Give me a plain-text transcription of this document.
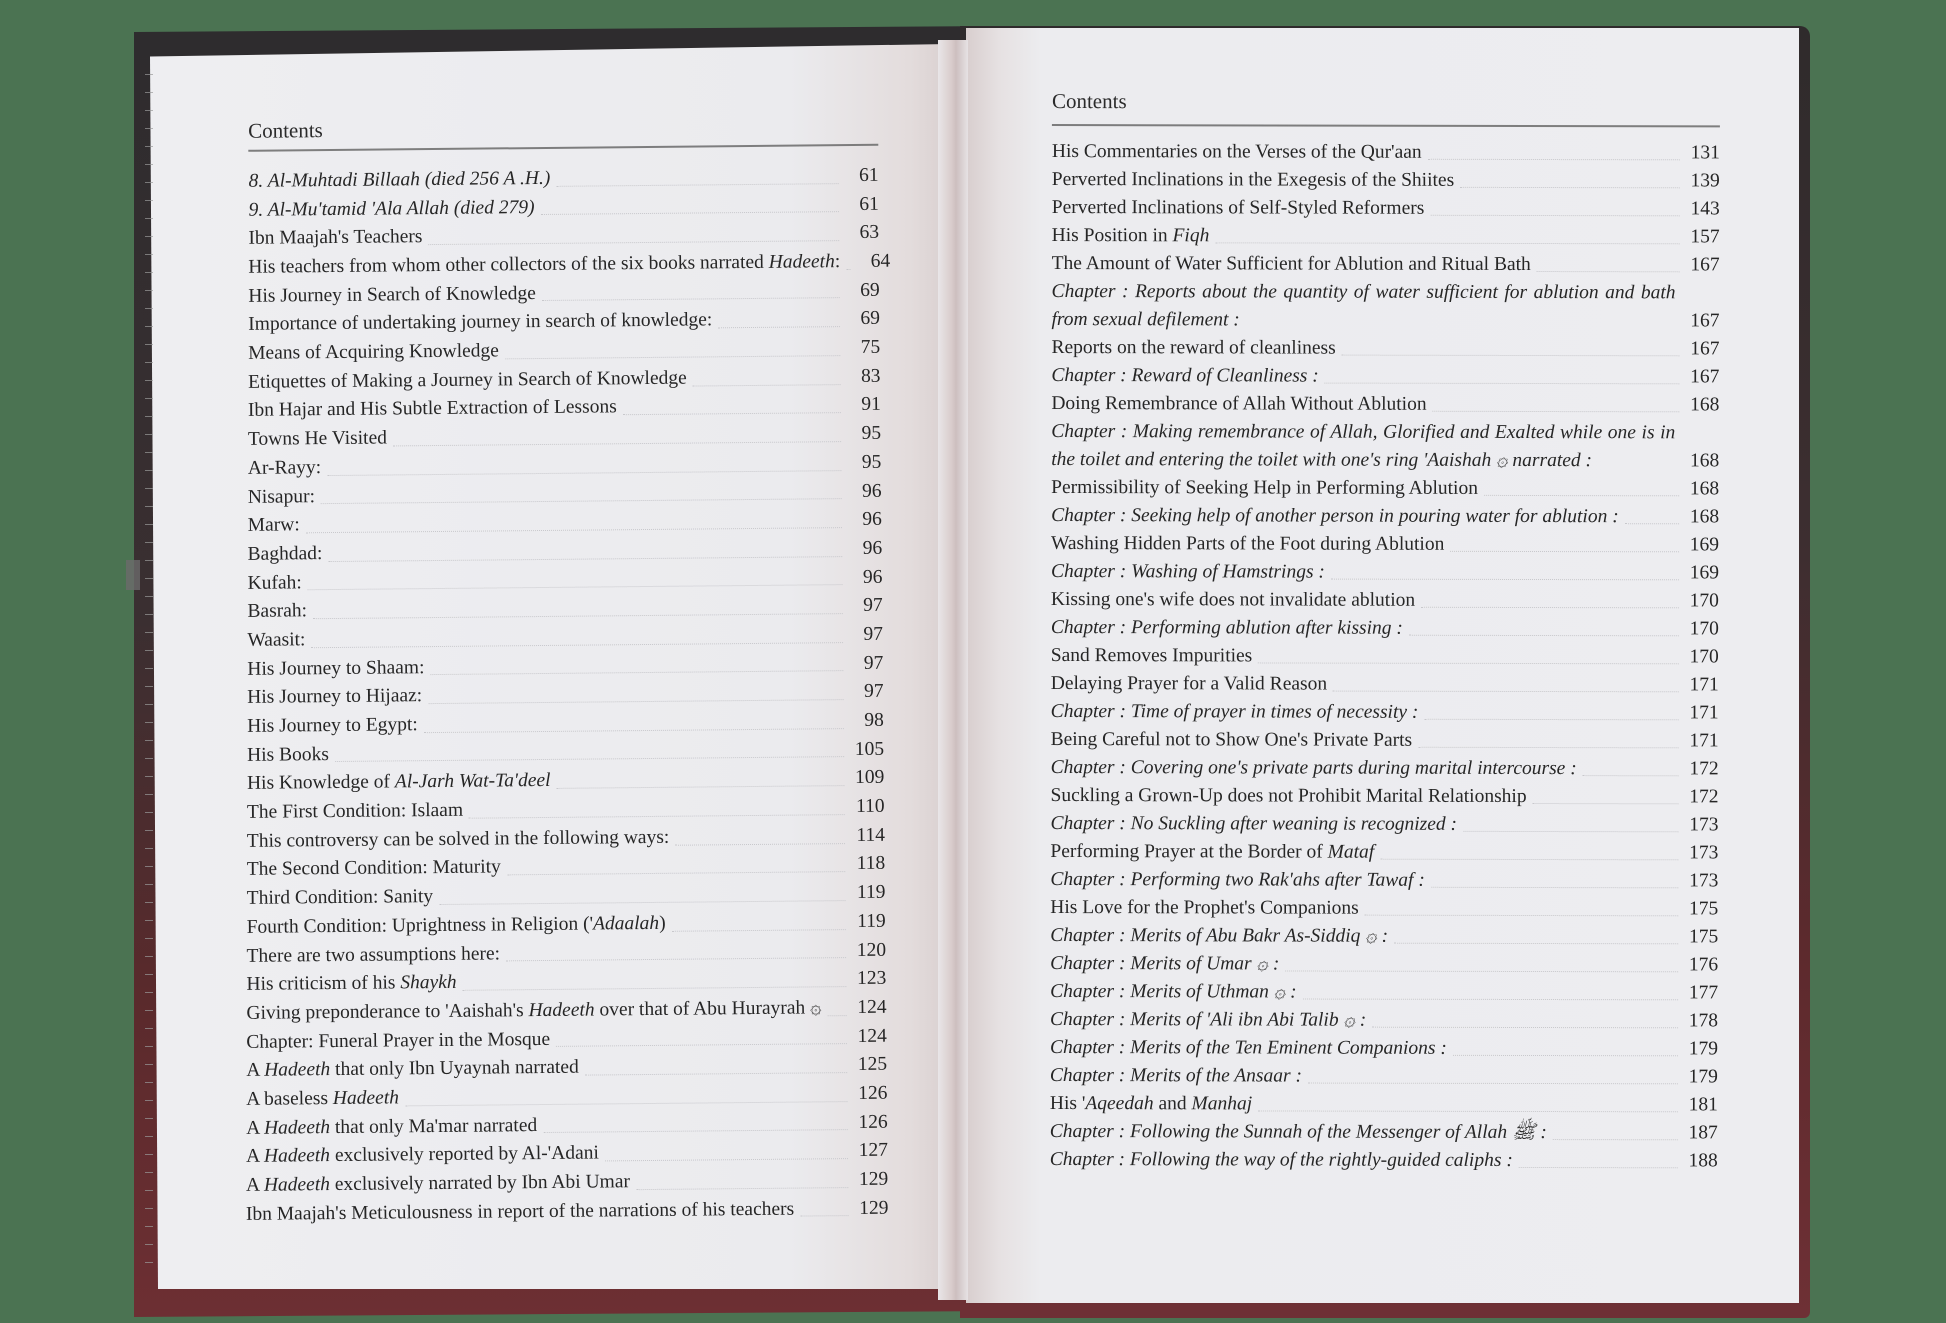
Contents
8. Al-Muhtadi Billaah (died 256 A .H.)	61
9. Al-Mu'tamid 'Ala Allah (died 279)	61
Ibn Maajah's Teachers	63
His teachers from whom other collectors of the six books narrated Hadeeth:	64
His Journey in Search of Knowledge	69
Importance of undertaking journey in search of knowledge:	69
Means of Acquiring Knowledge	75
Etiquettes of Making a Journey in Search of Knowledge	83
Ibn Hajar and His Subtle Extraction of Lessons	91
Towns He Visited	95
Ar-Rayy:	95
Nisapur:	96
Marw:	96
Baghdad:	96
Kufah:	96
Basrah:	97
Waasit:	97
His Journey to Shaam:	97
His Journey to Hijaaz:	97
His Journey to Egypt:	98
His Books	105
His Knowledge of Al-Jarh Wat-Ta'deel	109
The First Condition: Islaam	110
This controversy can be solved in the following ways:	114
The Second Condition: Maturity	118
Third Condition: Sanity	119
Fourth Condition: Uprightness in Religion ('Adaalah)	119
There are two assumptions here:	120
His criticism of his Shaykh	123
Giving preponderance to 'Aaishah's Hadeeth over that of Abu Hurayrah ۞ 124
Chapter: Funeral Prayer in the Mosque	124
A Hadeeth that only Ibn Uyaynah narrated	125
A baseless Hadeeth	126
A Hadeeth that only Ma'mar narrated	126
A Hadeeth exclusively reported by Al-'Adani	127
A Hadeeth exclusively narrated by Ibn Abi Umar	129
Ibn Maajah's Meticulousness in report of the narrations of his teachers	129
Contents
His Commentaries on the Verses of the Qur'aan	131
Perverted Inclinations in the Exegesis of the Shiites	139
Perverted Inclinations of Self-Styled Reformers	143
His Position in Fiqh	157
The Amount of Water Sufficient for Ablution and Ritual Bath	167
Chapter : Reports about the quantity of water sufficient for ablution and bath from sexual defilement :	167
Reports on the reward of cleanliness	167
Chapter : Reward of Cleanliness :	167
Doing Remembrance of Allah Without Ablution	168
Chapter : Making remembrance of Allah, Glorified and Exalted while one is in the toilet and entering the toilet with one's ring 'Aaishah ۞ narrated :	168
Permissibility of Seeking Help in Performing Ablution	168
Chapter : Seeking help of another person in pouring water for ablution :	168
Washing Hidden Parts of the Foot during Ablution	169
Chapter : Washing of Hamstrings :	169
Kissing one's wife does not invalidate ablution	170
Chapter : Performing ablution after kissing :	170
Sand Removes Impurities	170
Delaying Prayer for a Valid Reason	171
Chapter : Time of prayer in times of necessity :	171
Being Careful not to Show One's Private Parts	171
Chapter : Covering one's private parts during marital intercourse :	172
Suckling a Grown-Up does not Prohibit Marital Relationship	172
Chapter : No Suckling after weaning is recognized :	173
Performing Prayer at the Border of Mataf	173
Chapter : Performing two Rak'ahs after Tawaf :	173
His Love for the Prophet's Companions	175
Chapter : Merits of Abu Bakr As-Siddiq ۞ :	175
Chapter : Merits of Umar ۞ :	176
Chapter : Merits of Uthman ۞ :	177
Chapter : Merits of 'Ali ibn Abi Talib ۞ :	178
Chapter : Merits of the Ten Eminent Companions :	179
Chapter : Merits of the Ansaar :	179
His 'Aqeedah and Manhaj	181
Chapter : Following the Sunnah of the Messenger of Allah ﷺ :	187
Chapter : Following the way of the rightly-guided caliphs :	188
